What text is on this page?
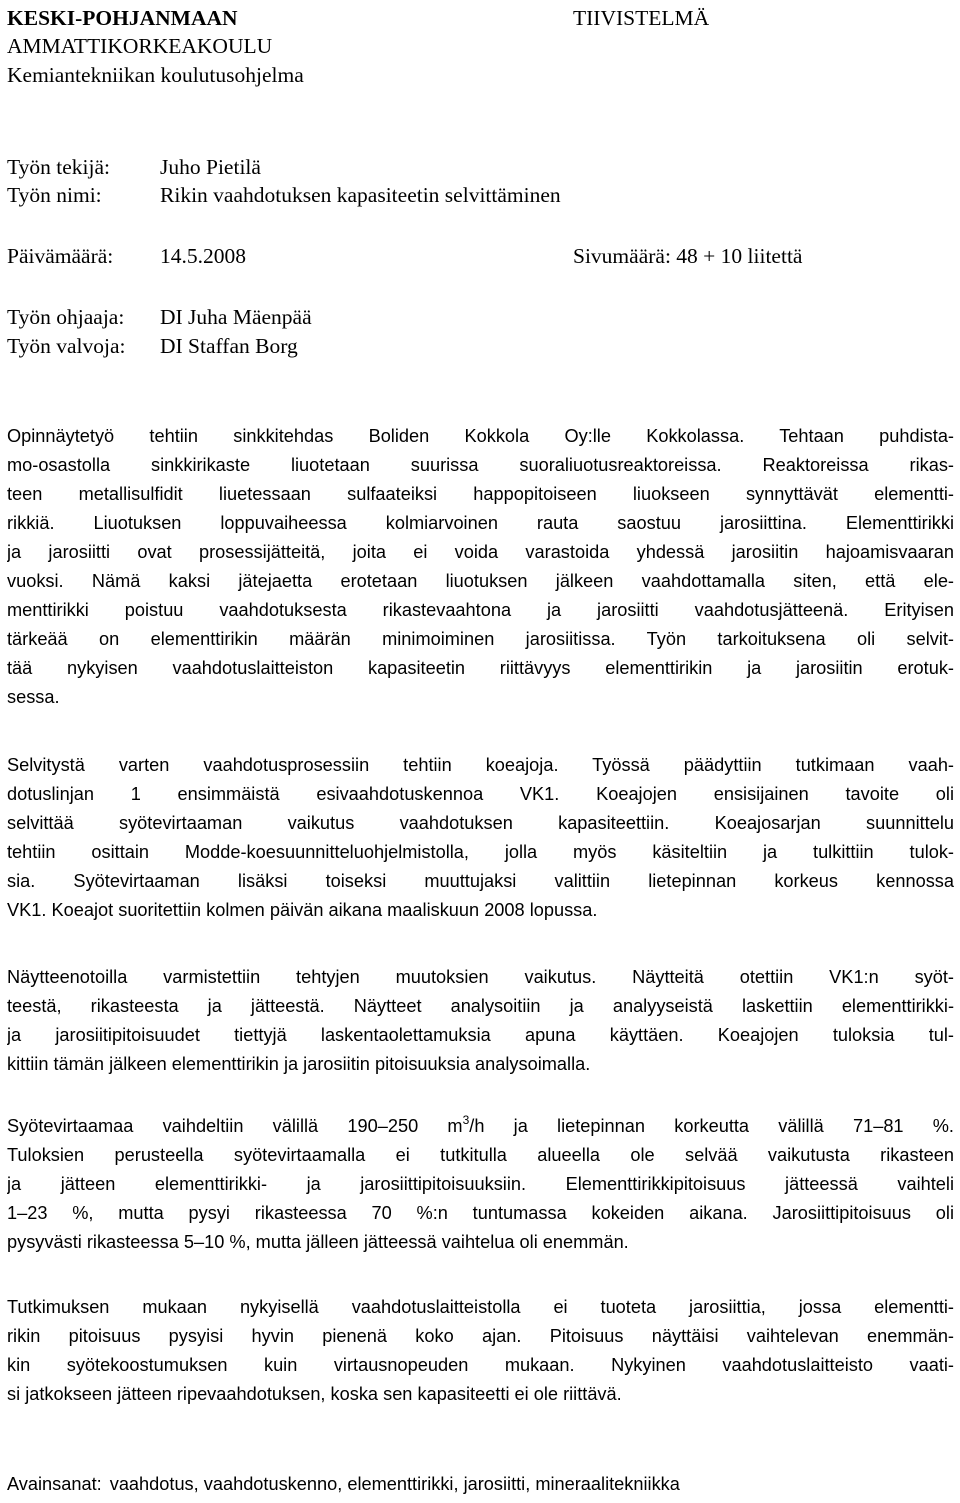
KESKI-POHJANMAAN
AMMATTIKORKEAKOULU
Kemiantekniikan koulutusohjelma
TIIVISTELMÄ
Työn tekijä: Juho Pietilä
Työn nimi:	Rikin vaahdotuksen kapasiteetin selvittäminen
Päivämäärä: 14.5.2008	Sivumäärä: 48 + 10 liitettä
Työn ohjaaja: DI Juha Mäenpää
Työn valvoja: DI Staffan Borg
Opinnäytetyö tehtiin sinkkitehdas Boliden Kokkola Oy:lle Kokkolassa. Tehtaan puhdista-
mo-osastolla sinkkirikaste liuotetaan suurissa suoraliuotusreaktoreissa. Reaktoreissa rikas-
teen metallisulfidit liuetessaan sulfaateiksi happopitoiseen liuokseen synnyttävät elementti-
rikkiä. Liuotuksen loppuvaiheessa kolmiarvoinen rauta saostuu jarosiittina. Elementtirikki
ja jarosiitti ovat prosessijätteitä, joita ei voida varastoida yhdessä jarosiitin hajoamisvaaran
vuoksi. Nämä kaksi jätejaetta erotetaan liuotuksen jälkeen vaahdottamalla siten, että ele-
menttirikki poistuu vaahdotuksesta rikastevaahtona ja jarosiitti vaahdotusjätteenä. Erityisen
tärkeää on elementtirikin määrän minimoiminen jarosiitissa. Työn tarkoituksena oli selvit-
tää nykyisen vaahdotuslaitteiston kapasiteetin riittävyys elementtirikin ja jarosiitin erotuk-
sessa.
Selvitystä varten vaahdotusprosessiin tehtiin koeajoja. Työssä päädyttiin tutkimaan vaah-
dotuslinjan 1 ensimmäistä esivaahdotuskennoa VK1. Koeajojen ensisijainen tavoite oli
selvittää syötevirtaaman vaikutus vaahdotuksen kapasiteettiin. Koeajosarjan suunnittelu
tehtiin osittain Modde-koesuunnitteluohjelmistolla, jolla myös käsiteltiin ja tulkittiin tulok-
sia. Syötevirtaaman lisäksi toiseksi muuttujaksi valittiin lietepinnan korkeus kennossa
VK1. Koeajot suoritettiin kolmen päivän aikana maaliskuun 2008 lopussa.
Näytteenotoilla varmistettiin tehtyjen muutoksien vaikutus. Näytteitä otettiin VK1:n syöt-
teestä, rikasteesta ja jätteestä. Näytteet analysoitiin ja analyyseistä laskettiin elementtirikki-
ja jarosiitipitoisuudet tiettyjä laskentaolettamuksia apuna käyttäen. Koeajojen tuloksia tul-
kittiin tämän jälkeen elementtirikin ja jarosiitin pitoisuuksia analysoimalla.
Syötevirtaamaa vaihdeltiin välillä 190–250 $m^3/h$ ja lietepinnan korkeutta välillä 71–81 %.
Tuloksien perusteella syötevirtaamalla ei tutkitulla alueella ole selvää vaikutusta rikasteen
ja jätteen elementtirikki- ja jarosiittipitoisuuksiin. Elementtirikkipitoisuus jätteessä vaihteli
1–23 %, mutta pysyi rikasteessa 70 %:n tuntumassa kokeiden aikana. Jarosiittipitoisuus oli
pysyvästi rikasteessa 5–10 %, mutta jälleen jätteessä vaihtelua oli enemmän.
Tutkimuksen mukaan nykyisellä vaahdotuslaitteistolla ei tuoteta jarosiittia, jossa elementti-
rikin pitoisuus pysyisi hyvin pienenä koko ajan. Pitoisuus näyttäisi vaihtelevan enemmän-
kin syötekoostumuksen kuin virtausnopeuden mukaan. Nykyinen vaahdotuslaitteisto vaati-
si jatkokseen jätteen ripevaahdotuksen, koska sen kapasiteetti ei ole riittävä.
Avainsanat: vaahdotus, vaahdotuskenno, elementtirikki, jarosiitti, mineraalitekniikka
